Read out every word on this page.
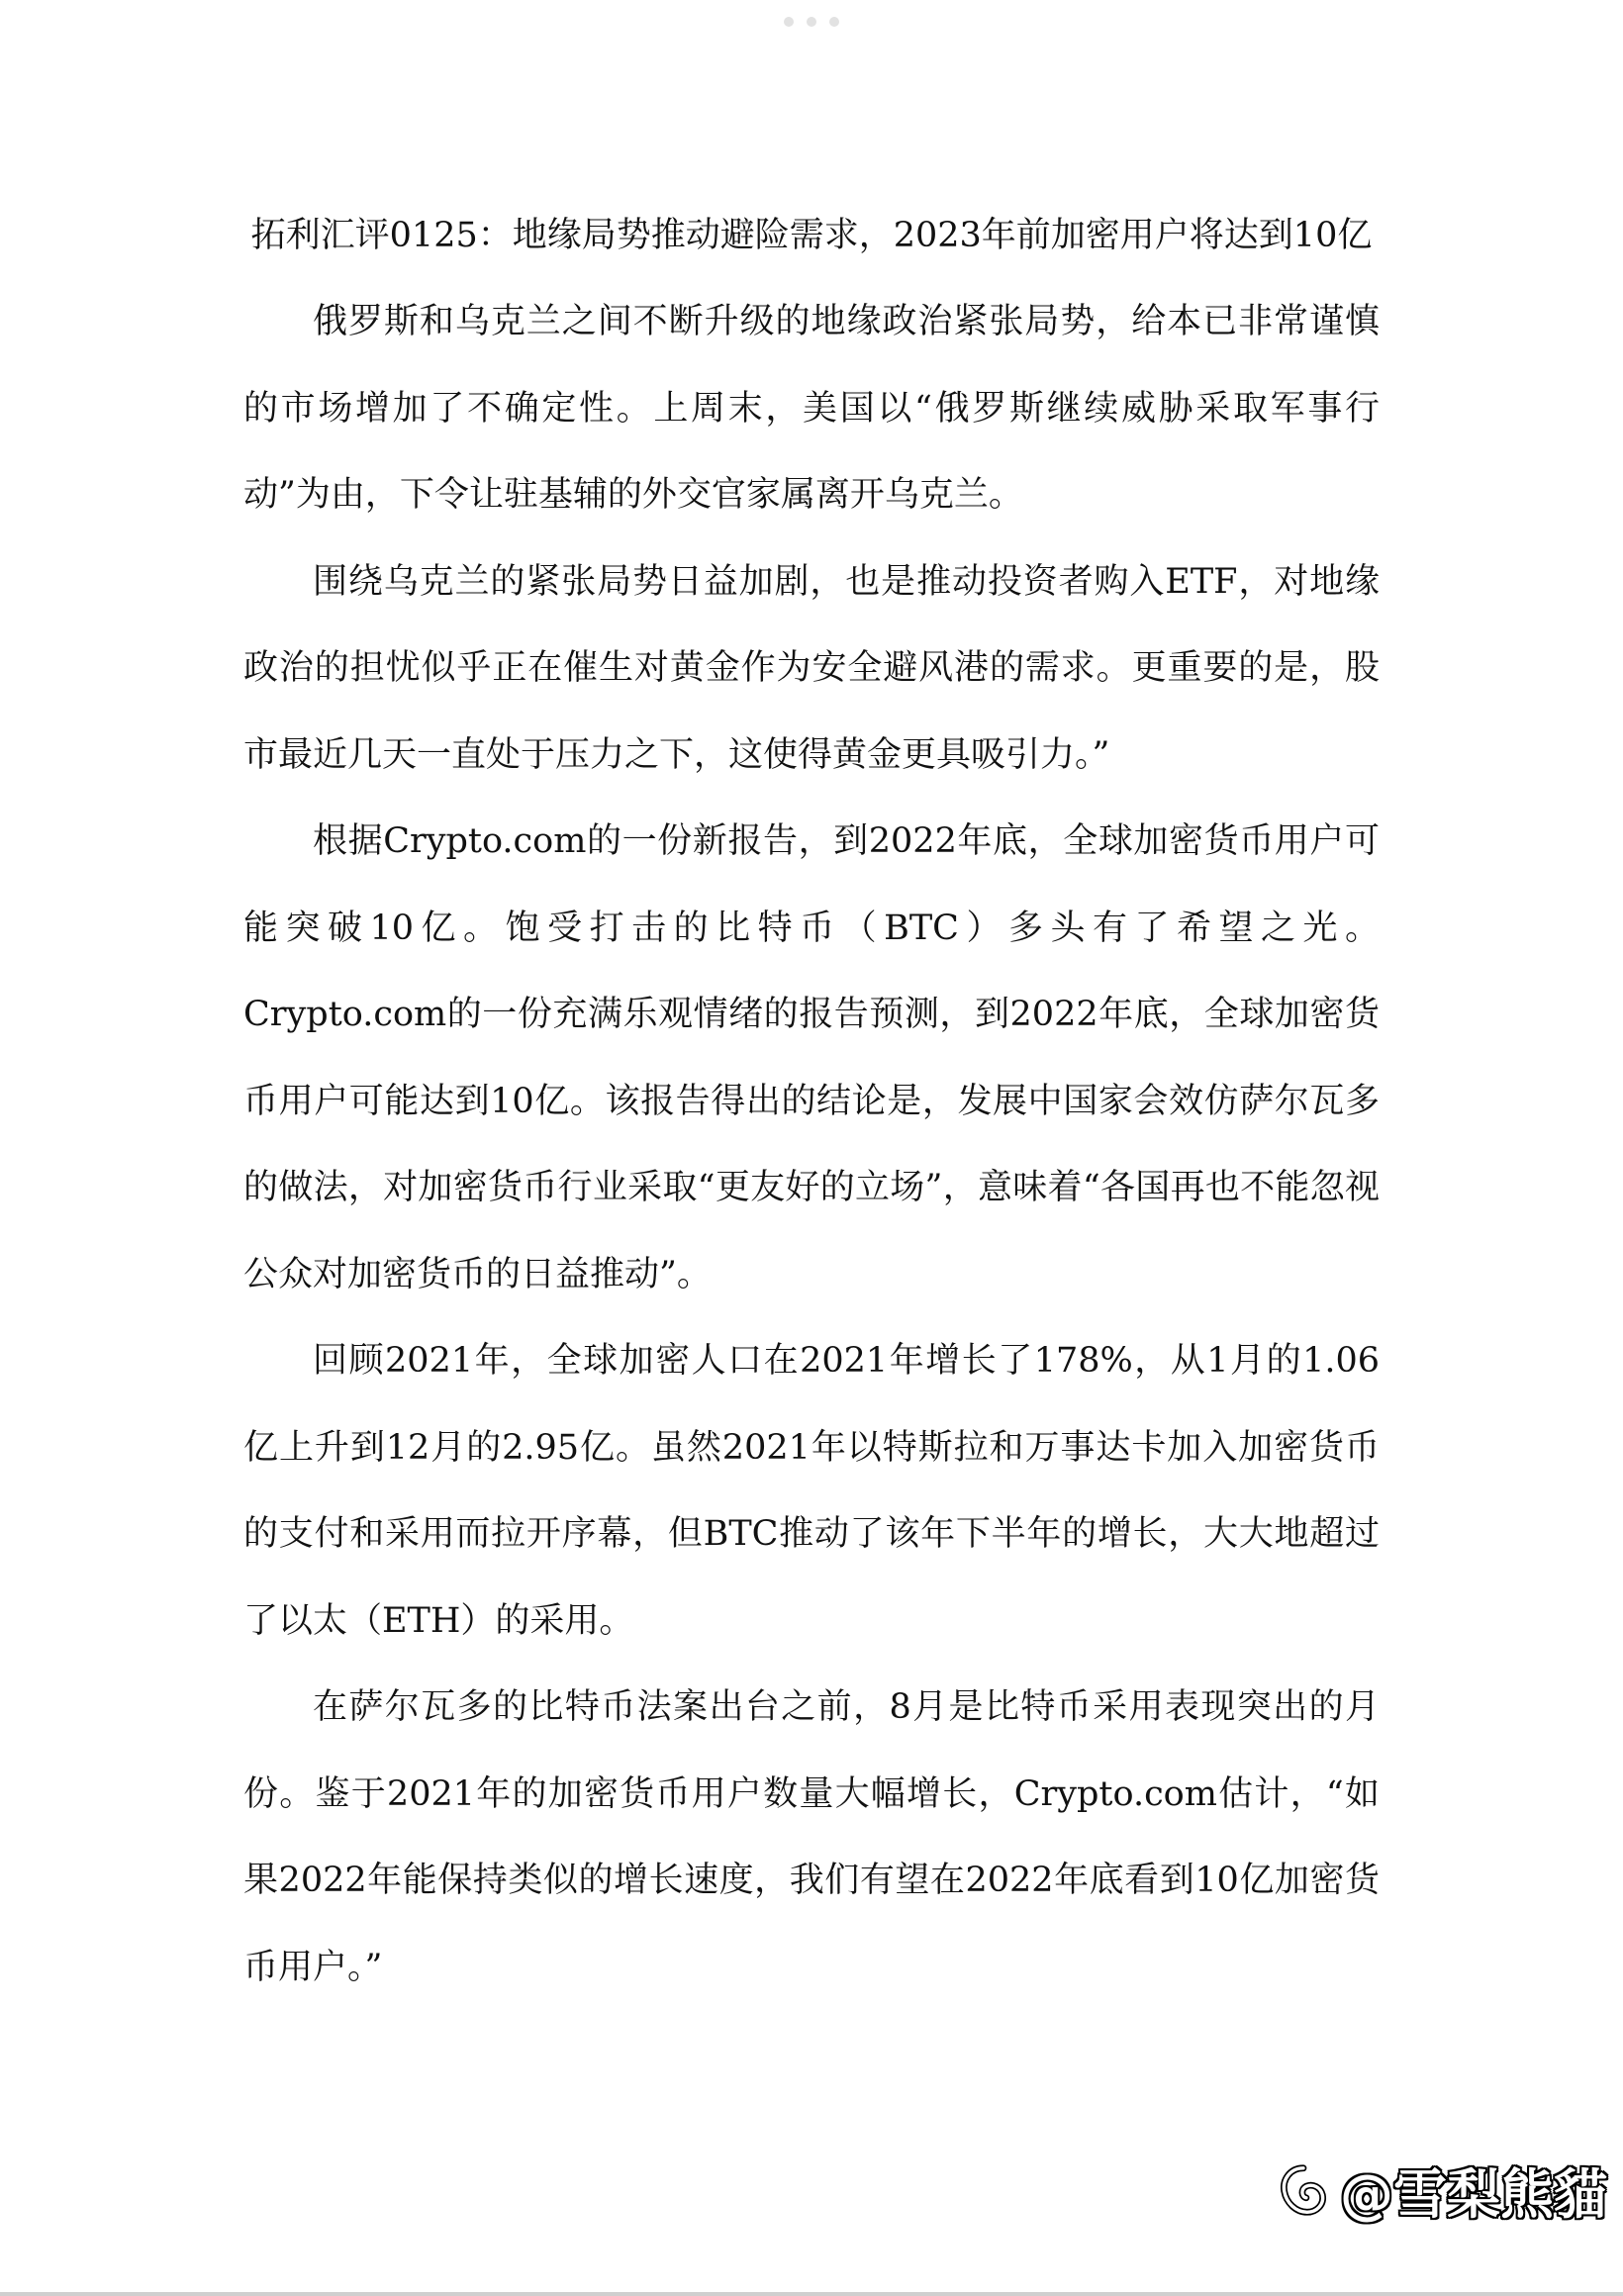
拓利汇评0125：地缘局势推动避险需求，2023年前加密用户将达到10亿

俄罗斯和乌克兰之间不断升级的地缘政治紧张局势，给本已非常谨慎的市场增加了不确定性。上周末，美国以“俄罗斯继续威胁采取军事行动”为由，下令让驻基辅的外交官家属离开乌克兰。

围绕乌克兰的紧张局势日益加剧，也是推动投资者购入ETF，对地缘政治的担忧似乎正在催生对黄金作为安全避风港的需求。更重要的是，股市最近几天一直处于压力之下，这使得黄金更具吸引力。”

根据Crypto.com的一份新报告，到2022年底，全球加密货币用户可能突破10亿。饱受打击的比特币（BTC）多头有了希望之光。Crypto.com的一份充满乐观情绪的报告预测，到2022年底，全球加密货币用户可能达到10亿。该报告得出的结论是，发展中国家会效仿萨尔瓦多的做法，对加密货币行业采取“更友好的立场”，意味着“各国再也不能忽视公众对加密货币的日益推动”。

回顾2021年，全球加密人口在2021年增长了178%，从1月的1.06亿上升到12月的2.95亿。虽然2021年以特斯拉和万事达卡加入加密货币的支付和采用而拉开序幕，但BTC推动了该年下半年的增长，大大地超过了以太（ETH）的采用。

在萨尔瓦多的比特币法案出台之前，8月是比特币采用表现突出的月份。鉴于2021年的加密货币用户数量大幅增长，Crypto.com估计，“如果2022年能保持类似的增长速度，我们有望在2022年底看到10亿加密货币用户。”

@雪梨熊貓
